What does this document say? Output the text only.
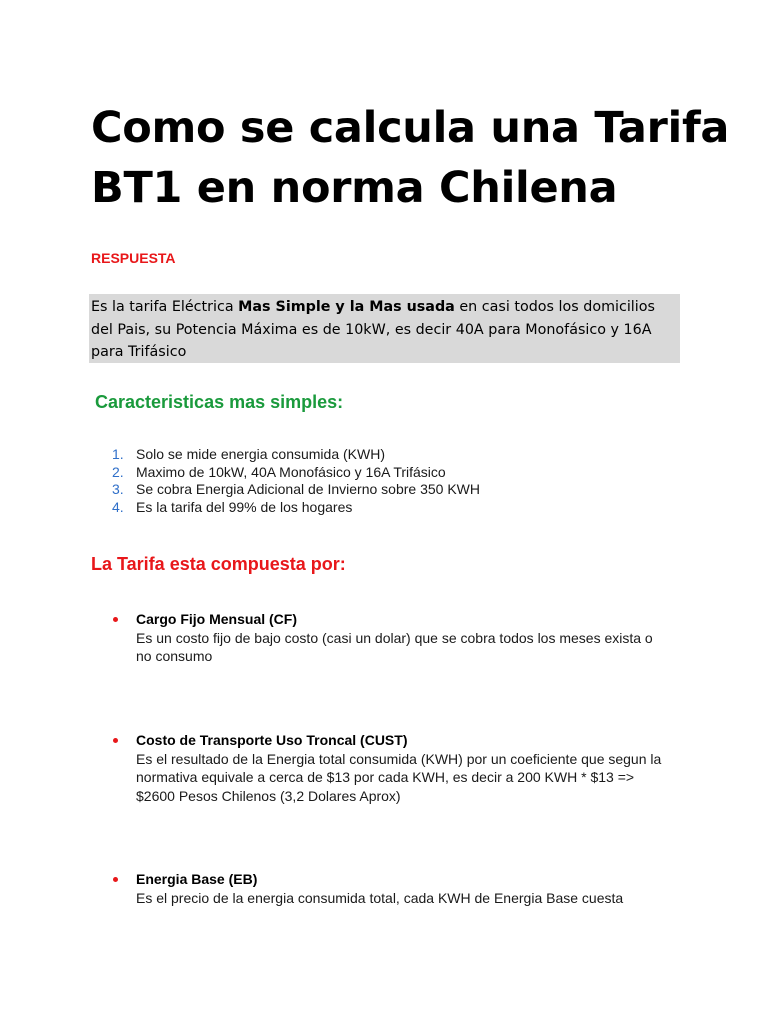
Como se calcula una Tarifa
BT1 en norma Chilena

RESPUESTA

Es la tarifa Eléctrica Mas Simple y la Mas usada en casi todos los domicilios
del Pais, su Potencia Máxima es de 10kW, es decir 40A para Monofásico y 16A
para Trifásico

Caracteristicas mas simples:
1. Solo se mide energia consumida (KWH)
2. Maximo de 10kW, 40A Monofásico y 16A Trifásico
3. Se cobra Energia Adicional de Invierno sobre 350 KWH
4. Es la tarifa del 99% de los hogares
La Tarifa esta compuesta por:
Cargo Fijo Mensual (CF)
Es un costo fijo de bajo costo (casi un dolar) que se cobra todos los meses exista o
no consumo
Costo de Transporte Uso Troncal (CUST)
Es el resultado de la Energia total consumida (KWH) por un coeficiente que segun la
normativa equivale a cerca de $13 por cada KWH, es decir a 200 KWH * $13 =>
$2600 Pesos Chilenos (3,2 Dolares Aprox)
Energia Base (EB)
Es el precio de la energia consumida total, cada KWH de Energia Base cuesta
